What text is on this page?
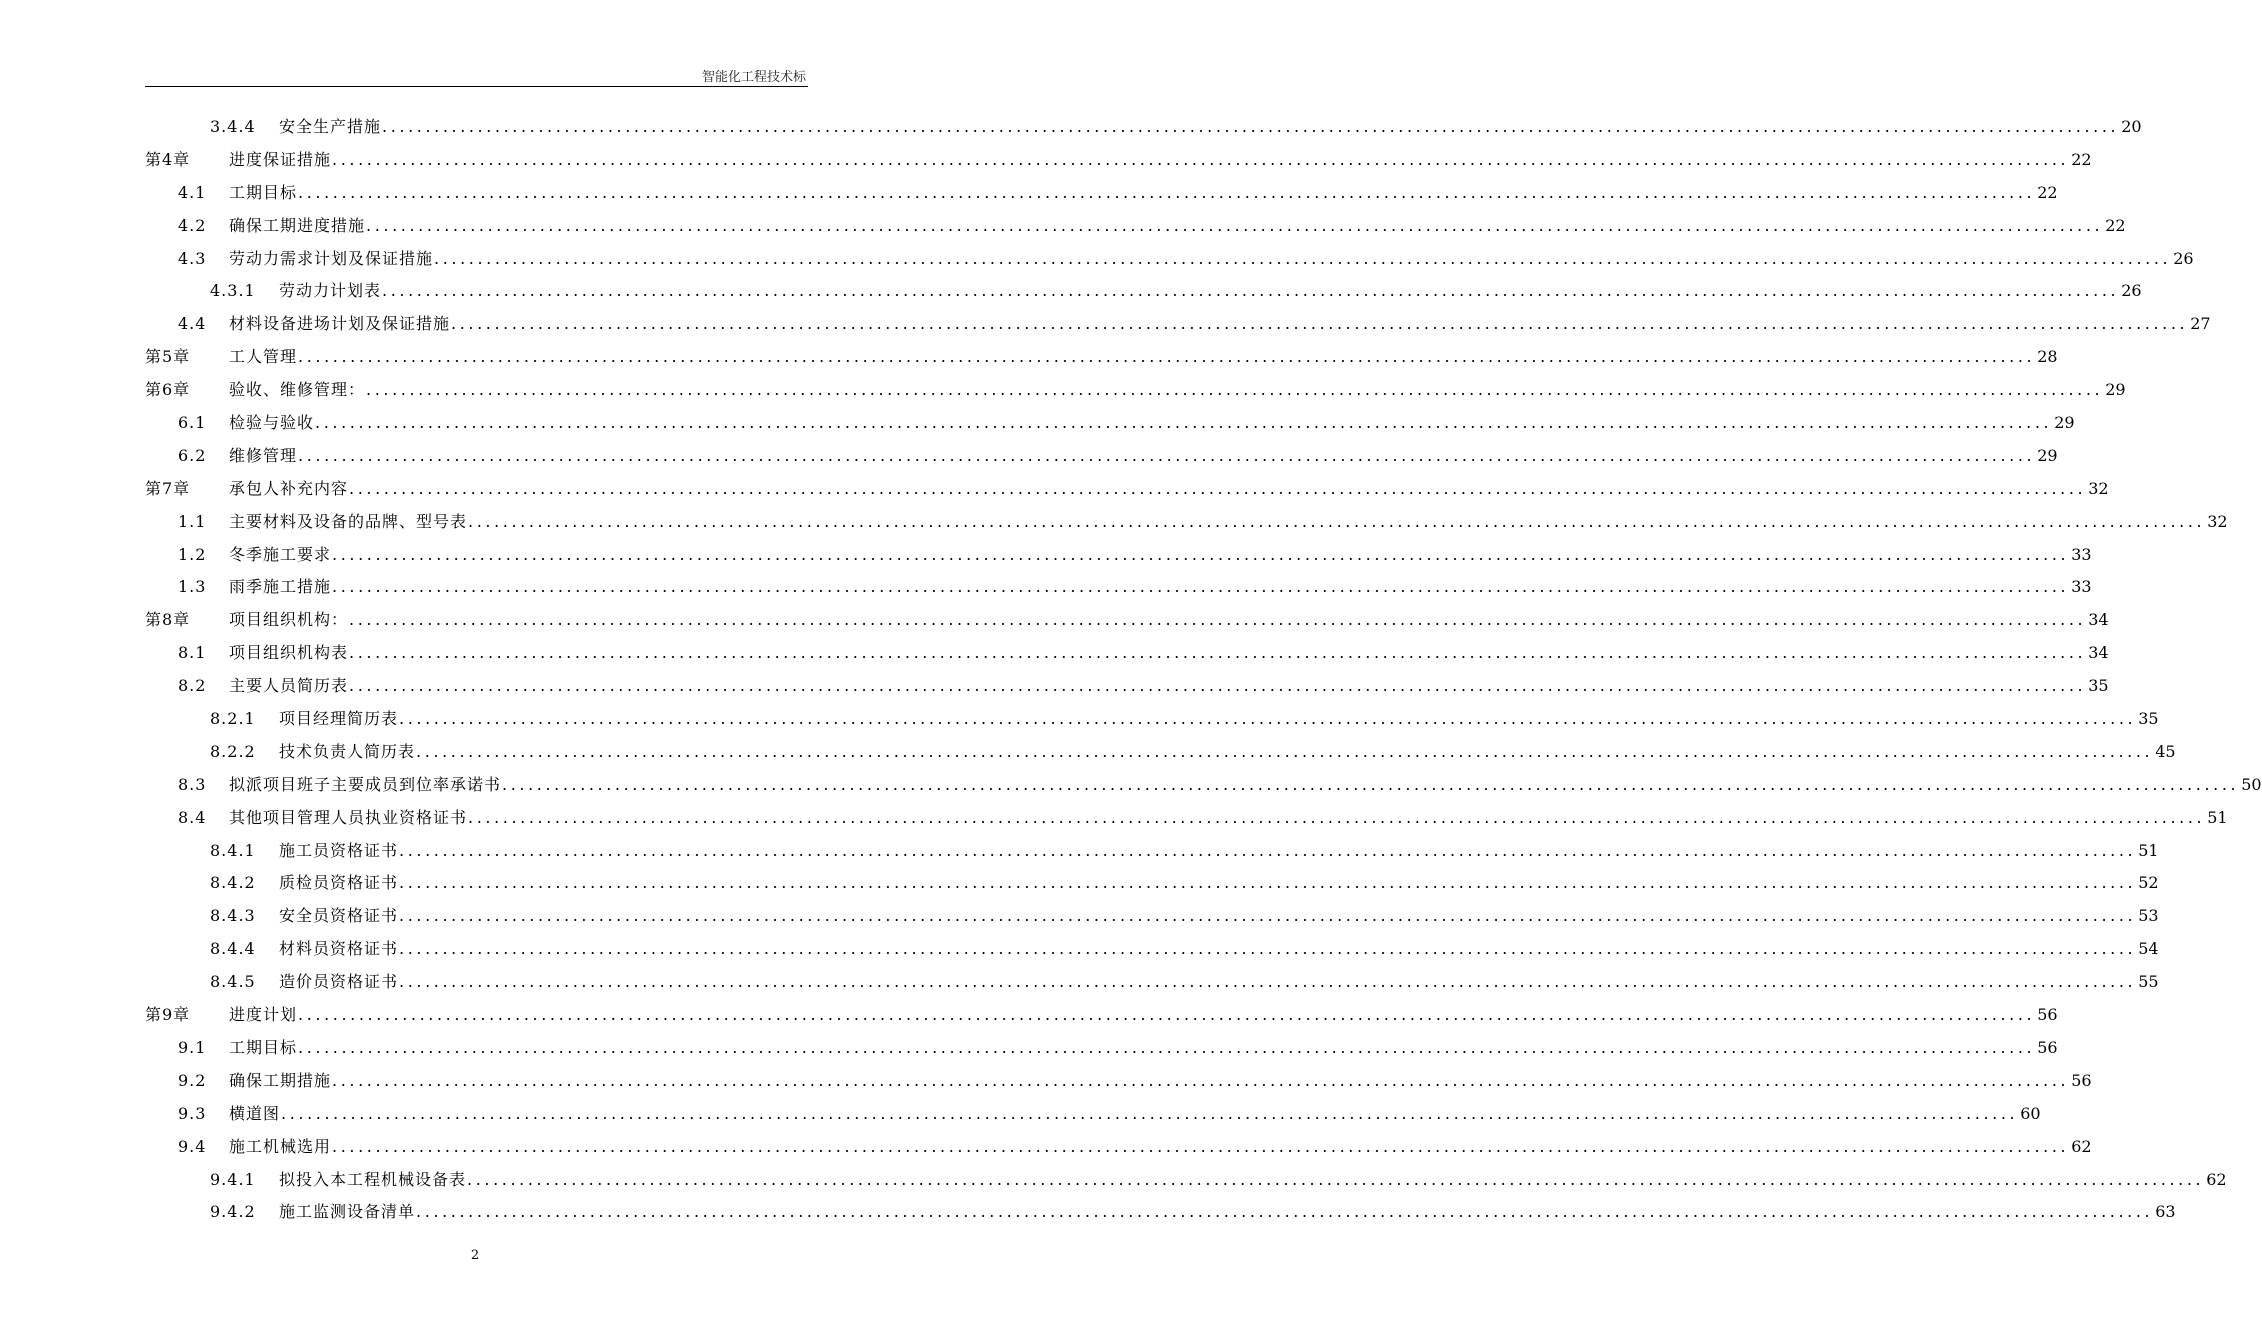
智能化工程技术标
3.4.4 安全生产措施 ........................................................................................................................................................................................................ 20
第4章 进度保证措施 ........................................................................................................................................................................................................ 22
4.1 工期目标 ........................................................................................................................................................................................................ 22
4.2 确保工期进度措施 ........................................................................................................................................................................................................ 22
4.3 劳动力需求计划及保证措施 ........................................................................................................................................................................................................ 26
4.3.1 劳动力计划表 ........................................................................................................................................................................................................ 26
4.4 材料设备进场计划及保证措施 ........................................................................................................................................................................................................ 27
第5章 工人管理 ........................................................................................................................................................................................................ 28
第6章 验收、维修管理： ........................................................................................................................................................................................................ 29
6.1 检验与验收 ........................................................................................................................................................................................................ 29
6.2 维修管理 ........................................................................................................................................................................................................ 29
第7章 承包人补充内容 ........................................................................................................................................................................................................ 32
1.1 主要材料及设备的品牌、型号表 ........................................................................................................................................................................................................ 32
1.2 冬季施工要求 ........................................................................................................................................................................................................ 33
1.3 雨季施工措施 ........................................................................................................................................................................................................ 33
第8章 项目组织机构： ........................................................................................................................................................................................................ 34
8.1 项目组织机构表 ........................................................................................................................................................................................................ 34
8.2 主要人员简历表 ........................................................................................................................................................................................................ 35
8.2.1 项目经理简历表 ........................................................................................................................................................................................................ 35
8.2.2 技术负责人简历表 ........................................................................................................................................................................................................ 45
8.3 拟派项目班子主要成员到位率承诺书 ........................................................................................................................................................................................................ 50
8.4 其他项目管理人员执业资格证书 ........................................................................................................................................................................................................ 51
8.4.1 施工员资格证书 ........................................................................................................................................................................................................ 51
8.4.2 质检员资格证书 ........................................................................................................................................................................................................ 52
8.4.3 安全员资格证书 ........................................................................................................................................................................................................ 53
8.4.4 材料员资格证书 ........................................................................................................................................................................................................ 54
8.4.5 造价员资格证书 ........................................................................................................................................................................................................ 55
第9章 进度计划 ........................................................................................................................................................................................................ 56
9.1 工期目标 ........................................................................................................................................................................................................ 56
9.2 确保工期措施 ........................................................................................................................................................................................................ 56
9.3 横道图 ........................................................................................................................................................................................................ 60
9.4 施工机械选用 ........................................................................................................................................................................................................ 62
9.4.1 拟投入本工程机械设备表 ........................................................................................................................................................................................................ 62
9.4.2 施工监测设备清单 ........................................................................................................................................................................................................ 63
2
